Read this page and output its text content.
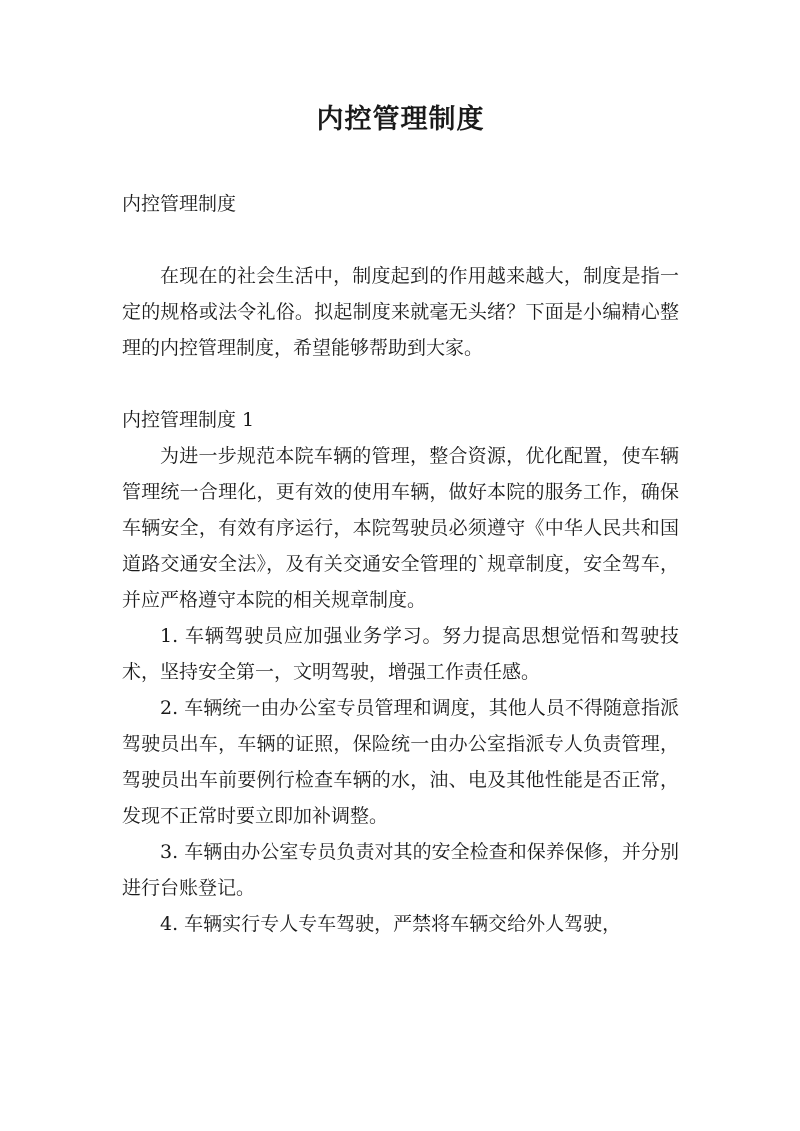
内控管理制度

内控管理制度

在现在的社会生活中，制度起到的作用越来越大，制度是指一定的规格或法令礼俗。拟起制度来就毫无头绪？下面是小编精心整理的内控管理制度，希望能够帮助到大家。

内控管理制度 1

为进一步规范本院车辆的管理，整合资源，优化配置，使车辆管理统一合理化，更有效的使用车辆，做好本院的服务工作，确保车辆安全，有效有序运行，本院驾驶员必须遵守《中华人民共和国道路交通安全法》，及有关交通安全管理的`规章制度，安全驾车，并应严格遵守本院的相关规章制度。

1. 车辆驾驶员应加强业务学习。努力提高思想觉悟和驾驶技术，坚持安全第一，文明驾驶，增强工作责任感。

2. 车辆统一由办公室专员管理和调度，其他人员不得随意指派驾驶员出车，车辆的证照，保险统一由办公室指派专人负责管理，驾驶员出车前要例行检查车辆的水，油、电及其他性能是否正常，发现不正常时要立即加补调整。

3. 车辆由办公室专员负责对其的安全检查和保养保修，并分别进行台账登记。

4. 车辆实行专人专车驾驶，严禁将车辆交给外人驾驶，
